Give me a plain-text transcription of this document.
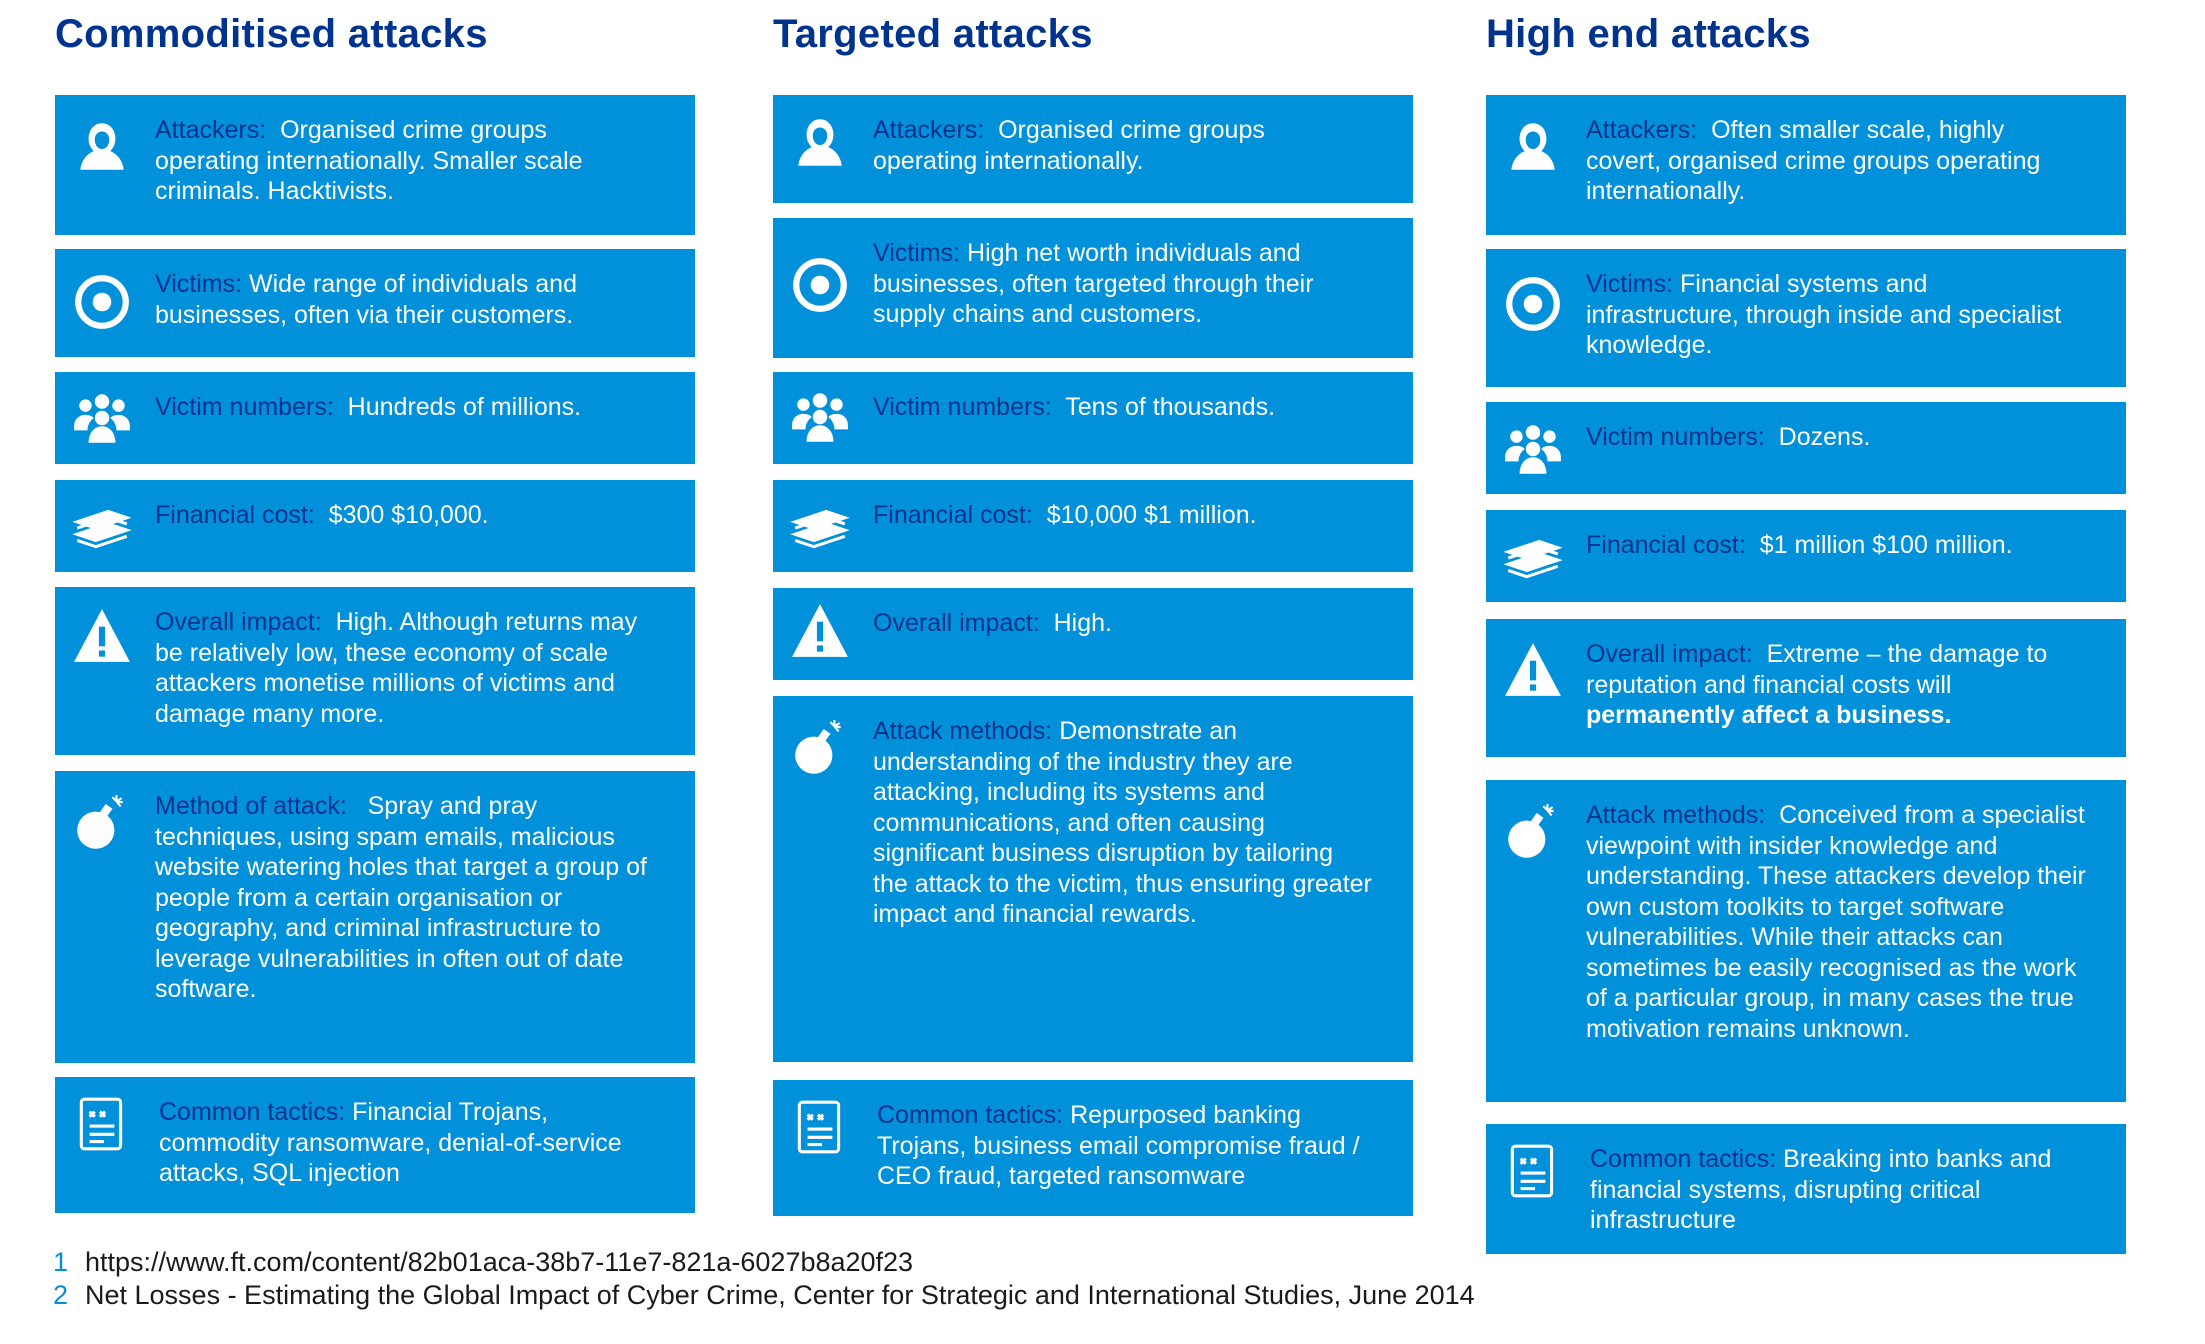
Commoditised attacks

Attackers: Organised crime groups operating internationally. Smaller scale criminals. Hacktivists.

Victims: Wide range of individuals and businesses, often via their customers.

Victim numbers: Hundreds of millions.

Financial cost: $300 $10,000.

Overall impact: High. Although returns may be relatively low, these economy of scale attackers monetise millions of victims and damage many more.

Method of attack: Spray and pray techniques, using spam emails, malicious website watering holes that target a group of people from a certain organisation or geography, and criminal infrastructure to leverage vulnerabilities in often out of date software.

Common tactics: Financial Trojans, commodity ransomware, denial-of-service attacks, SQL injection

Targeted attacks

Attackers: Organised crime groups operating internationally.

Victims: High net worth individuals and businesses, often targeted through their supply chains and customers.

Victim numbers: Tens of thousands.

Financial cost: $10,000 $1 million.

Overall impact: High.

Attack methods: Demonstrate an understanding of the industry they are attacking, including its systems and communications, and often causing significant business disruption by tailoring the attack to the victim, thus ensuring greater impact and financial rewards.

Common tactics: Repurposed banking Trojans, business email compromise fraud / CEO fraud, targeted ransomware

High end attacks

Attackers: Often smaller scale, highly covert, organised crime groups operating internationally.

Victims: Financial systems and infrastructure, through inside and specialist knowledge.

Victim numbers: Dozens.

Financial cost: $1 million $100 million.

Overall impact: Extreme – the damage to reputation and financial costs will permanently affect a business.

Attack methods: Conceived from a specialist viewpoint with insider knowledge and understanding. These attackers develop their own custom toolkits to target software vulnerabilities. While their attacks can sometimes be easily recognised as the work of a particular group, in many cases the true motivation remains unknown.

Common tactics: Breaking into banks and financial systems, disrupting critical infrastructure

1 https://www.ft.com/content/82b01aca-38b7-11e7-821a-6027b8a20f23
2 Net Losses - Estimating the Global Impact of Cyber Crime, Center for Strategic and International Studies, June 2014
